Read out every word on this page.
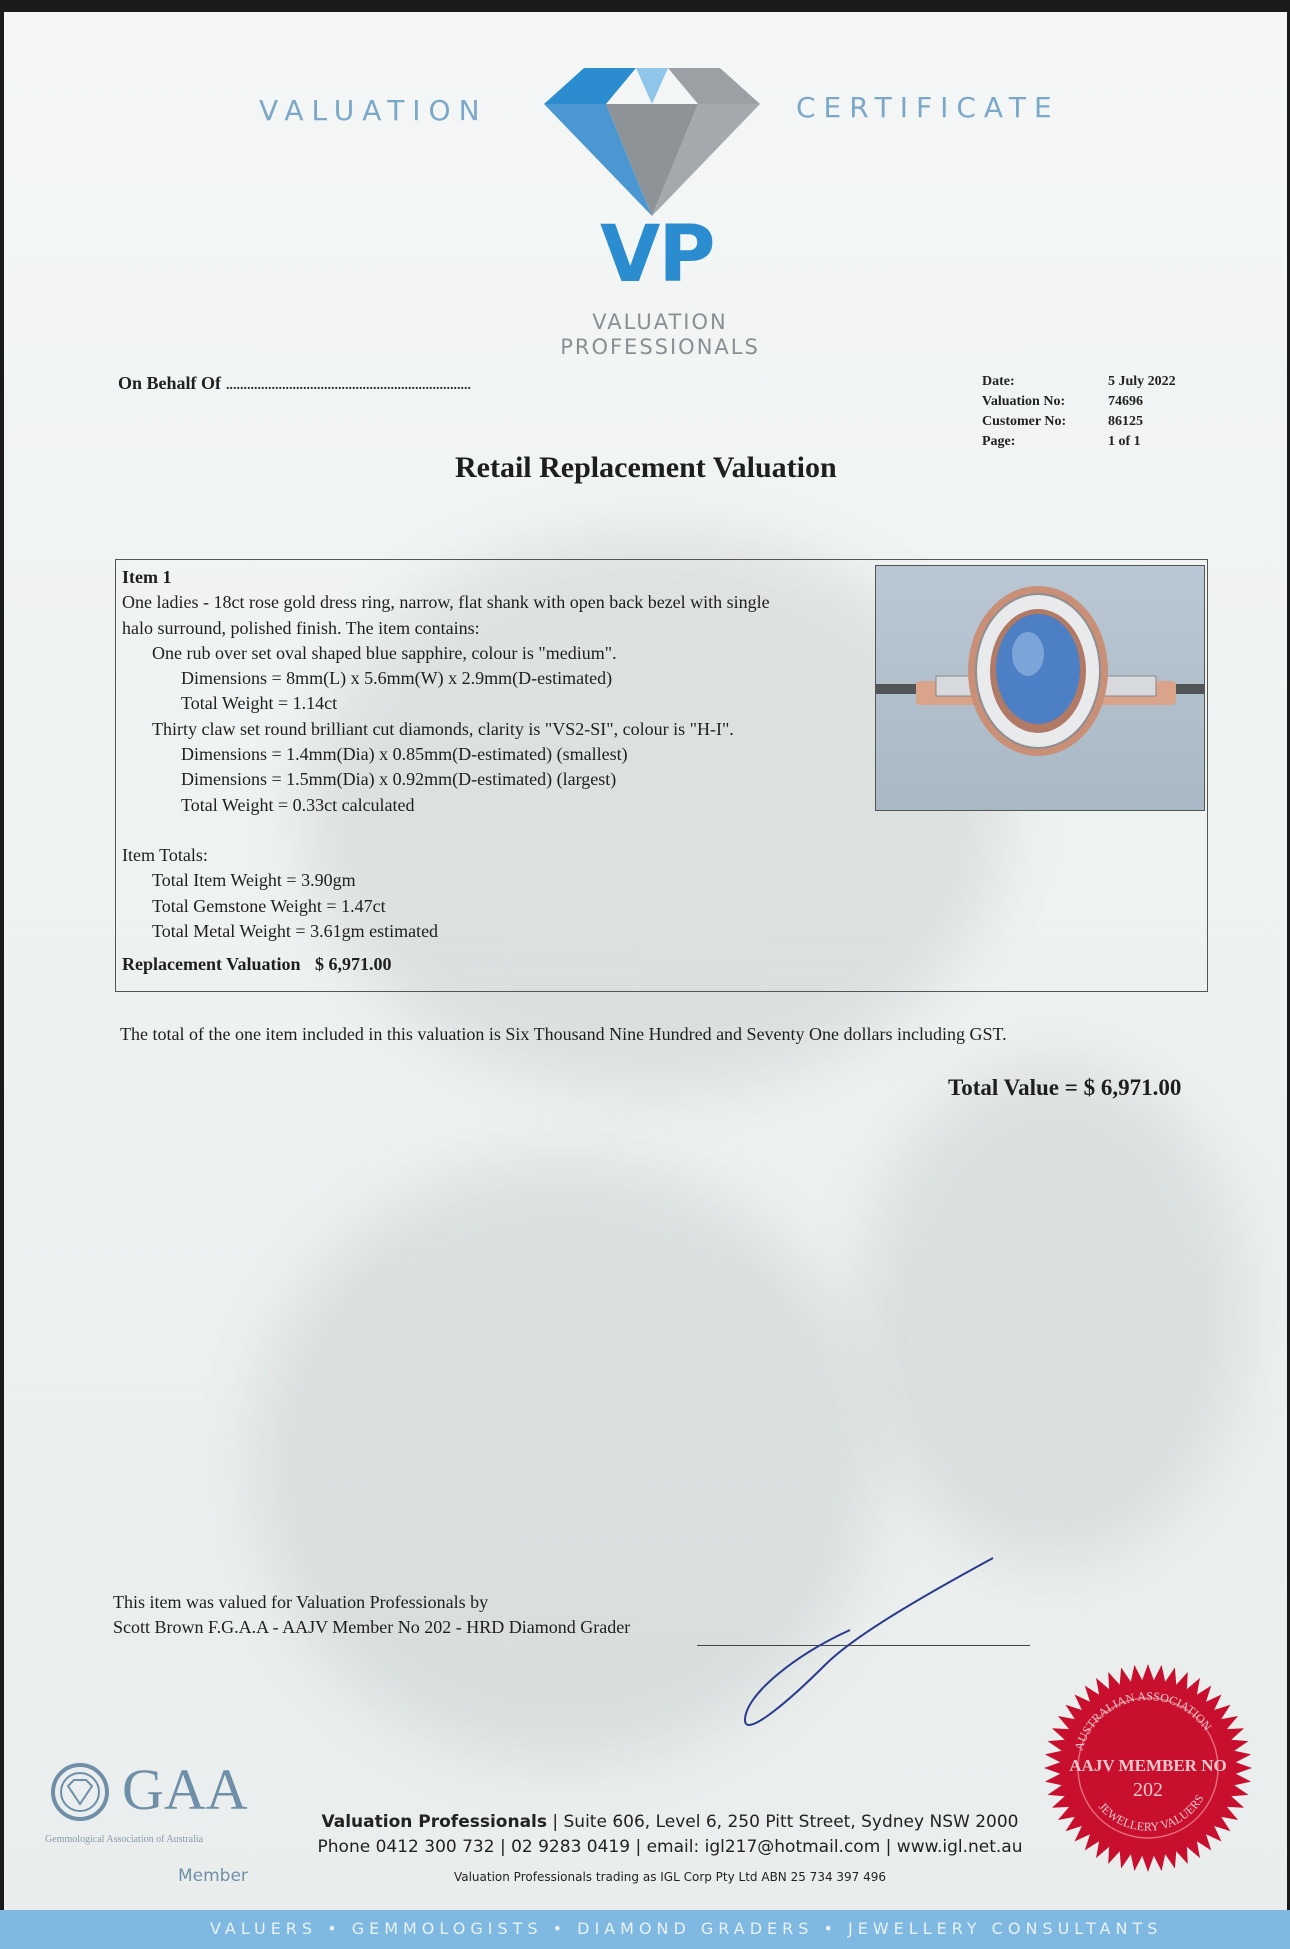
VALUATION	CERTIFICATE
VP
VALUATION
PROFESSIONALS
On Behalf Of ......................................................................	Date:	5 July 2022
Valuation No:	74696
Customer No:	86125
Page:	1 of 1
Retail Replacement Valuation
Item 1
One ladies - 18ct rose gold dress ring, narrow, flat shank with open back bezel with single
halo surround, polished finish. The item contains:
One rub over set oval shaped blue sapphire, colour is "medium".
Dimensions = 8mm(L) x 5.6mm(W) x 2.9mm(D-estimated)
Total Weight = 1.14ct
Thirty claw set round brilliant cut diamonds, clarity is "VS2-SI", colour is "H-I".
Dimensions = 1.4mm(Dia) x 0.85mm(D-estimated) (smallest)
Dimensions = 1.5mm(Dia) x 0.92mm(D-estimated) (largest)
Total Weight = 0.33ct calculated
Item Totals:
Total Item Weight = 3.90gm
Total Gemstone Weight = 1.47ct
Total Metal Weight = 3.61gm estimated
Replacement Valuation $ 6,971.00
The total of the one item included in this valuation is Six Thousand Nine Hundred and Seventy One dollars including GST.
Total Value = $ 6,971.00
This item was valued for Valuation Professionals by
Scott Brown F.G.A.A - AAJV Member No 202 - HRD Diamond Grader
GAA
Gemmological Association of Australia
Member
Valuation Professionals | Suite 606, Level 6, 250 Pitt Street, Sydney NSW 2000
Phone 0412 300 732 | 02 9283 0419 | email: igl217@hotmail.com | www.igl.net.au
Valuation Professionals trading as IGL Corp Pty Ltd ABN 25 734 397 496
VALUERS • GEMMOLOGISTS • DIAMOND GRADERS • JEWELLERY CONSULTANTS
AUSTRALIAN ASSOCIATION
JEWELLERY VALUERS
AAJV MEMBER NO
202
